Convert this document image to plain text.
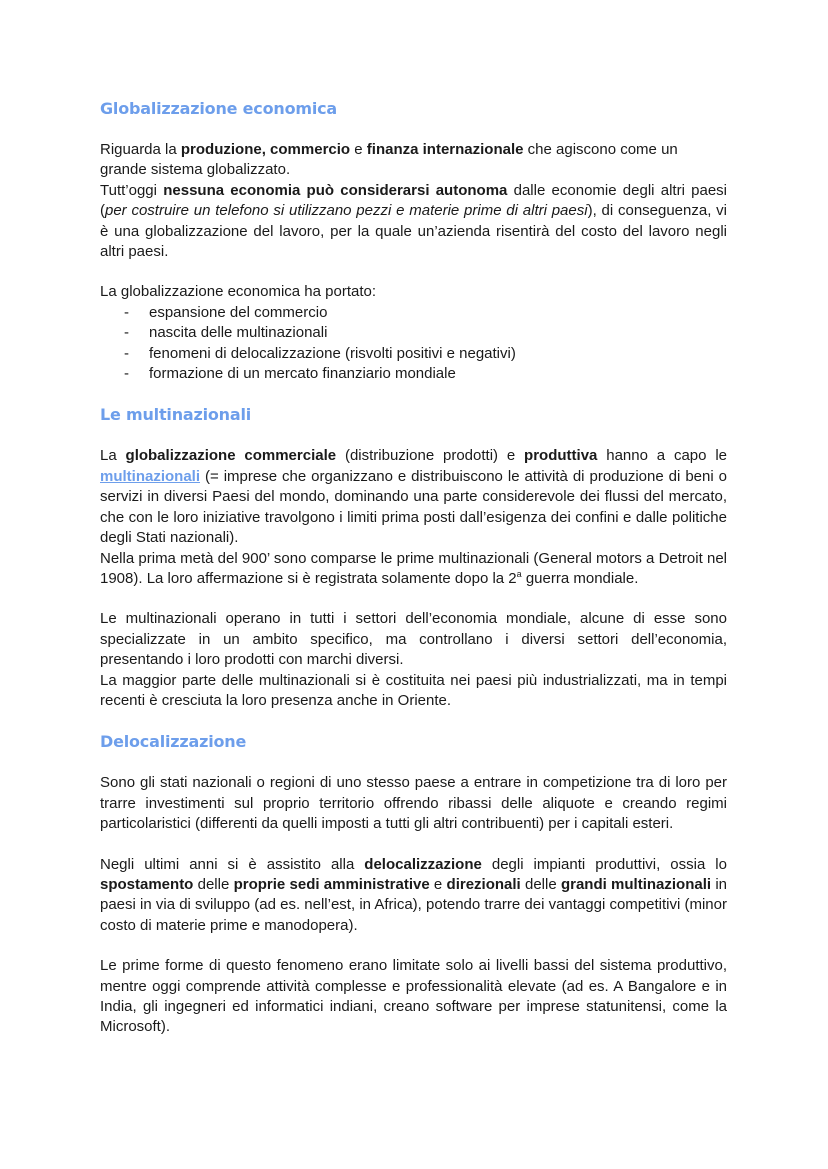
Globalizzazione economica

Riguarda la produzione, commercio e finanza internazionale che agiscono come un grande sistema globalizzato.

Tutt’oggi nessuna economia può considerarsi autonoma dalle economie degli altri paesi (per costruire un telefono si utilizzano pezzi e materie prime di altri paesi), di conseguenza, vi è una globalizzazione del lavoro, per la quale un’azienda risentirà del costo del lavoro negli altri paesi.

La globalizzazione economica ha portato:

- espansione del commercio
- nascita delle multinazionali
- fenomeni di delocalizzazione (risvolti positivi e negativi)
- formazione di un mercato finanziario mondiale
Le multinazionali

La globalizzazione commerciale (distribuzione prodotti) e produttiva hanno a capo le multinazionali (= imprese che organizzano e distribuiscono le attività di produzione di beni o servizi in diversi Paesi del mondo, dominando una parte considerevole dei flussi del mercato, che con le loro iniziative travolgono i limiti prima posti dall’esigenza dei confini e dalle politiche degli Stati nazionali).

Nella prima metà del 900’ sono comparse le prime multinazionali (General motors a Detroit nel 1908). La loro affermazione si è registrata solamente dopo la 2$^a$ guerra mondiale.

Le multinazionali operano in tutti i settori dell’economia mondiale, alcune di esse sono specializzate in un ambito specifico, ma controllano i diversi settori dell’economia, presentando i loro prodotti con marchi diversi.

La maggior parte delle multinazionali si è costituita nei paesi più industrializzati, ma in tempi recenti è cresciuta la loro presenza anche in Oriente.

Delocalizzazione

Sono gli stati nazionali o regioni di uno stesso paese a entrare in competizione tra di loro per trarre investimenti sul proprio territorio offrendo ribassi delle aliquote e creando regimi particolaristici (differenti da quelli imposti a tutti gli altri contribuenti) per i capitali esteri.

Negli ultimi anni si è assistito alla delocalizzazione degli impianti produttivi, ossia lo spostamento delle proprie sedi amministrative e direzionali delle grandi multinazionali in paesi in via di sviluppo (ad es. nell’est, in Africa), potendo trarre dei vantaggi competitivi (minor costo di materie prime e manodopera).

Le prime forme di questo fenomeno erano limitate solo ai livelli bassi del sistema produttivo, mentre oggi comprende attività complesse e professionalità elevate (ad es. A Bangalore e in India, gli ingegneri ed informatici indiani, creano software per imprese statunitensi, come la Microsoft).
